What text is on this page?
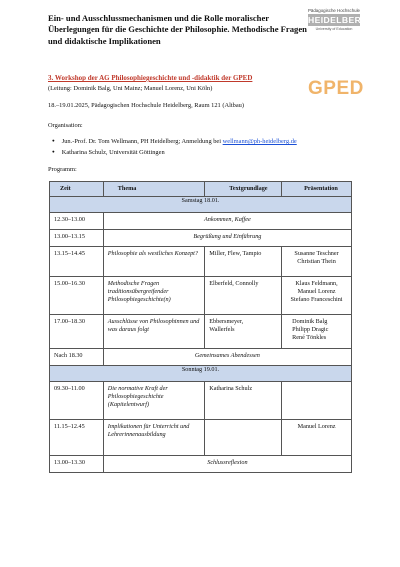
Ein- und Ausschlussmechanismen und die Rolle moralischer Überlegungen für die Geschichte der Philosophie. Methodische Fragen und didaktische Implikationen

Pädagogische Hochschule
HEIDELBERG
University of Education
GPED
3. Workshop der AG Philosophiegeschichte und -didaktik der GPED
(Leitung: Dominik Balg, Uni Mainz; Manuel Lorenz, Uni Köln)
18.–19.01.2025, Pädagogischen Hochschule Heidelberg, Raum 121 (Altbau)
Organisation:
● Jun.-Prof. Dr. Tom Wellmann, PH Heidelberg; Anmeldung bei wellmann@ph-heidelberg.de
● Katharina Schulz, Universität Göttingen
Programm:
Zeit	Thema	Textgrundlage	Präsentation
Samstag 18.01.			
12.30–13.00	Ankommen, Kaffee		
13.00–13.15	Begrüßung und Einführung		
13.15–14.45	Philosophie als westliches Konzept?	Miller, Flew, Tampio	Susanne Teschner
Christian Thein
15.00–16.30	Methodische Fragen traditionsübergreifender Philosophiegeschichte(n)	Elberfeld, Connolly	Klaus Feldmann,
Manuel Lorenz
Stefano Franceschini
17.00–18.30	Ausschlüsse von Philosophinnen und was daraus folgt	Ebbersmeyer,
Wallerfels	Dominik Balg
Philipp Dragic
René Tönkles
Nach 18.30	Gemeinsames Abendessen		
Sonntag 19.01.			
09.30–11.00	Die normative Kraft der Philosophiegeschichte (Kapitelentwurf)	Katharina Schulz	
11.15–12.45	Implikationen für Unterricht und Lehrerinnenausbildung		Manuel Lorenz
13.00–13.30	Schlussreflexion		
